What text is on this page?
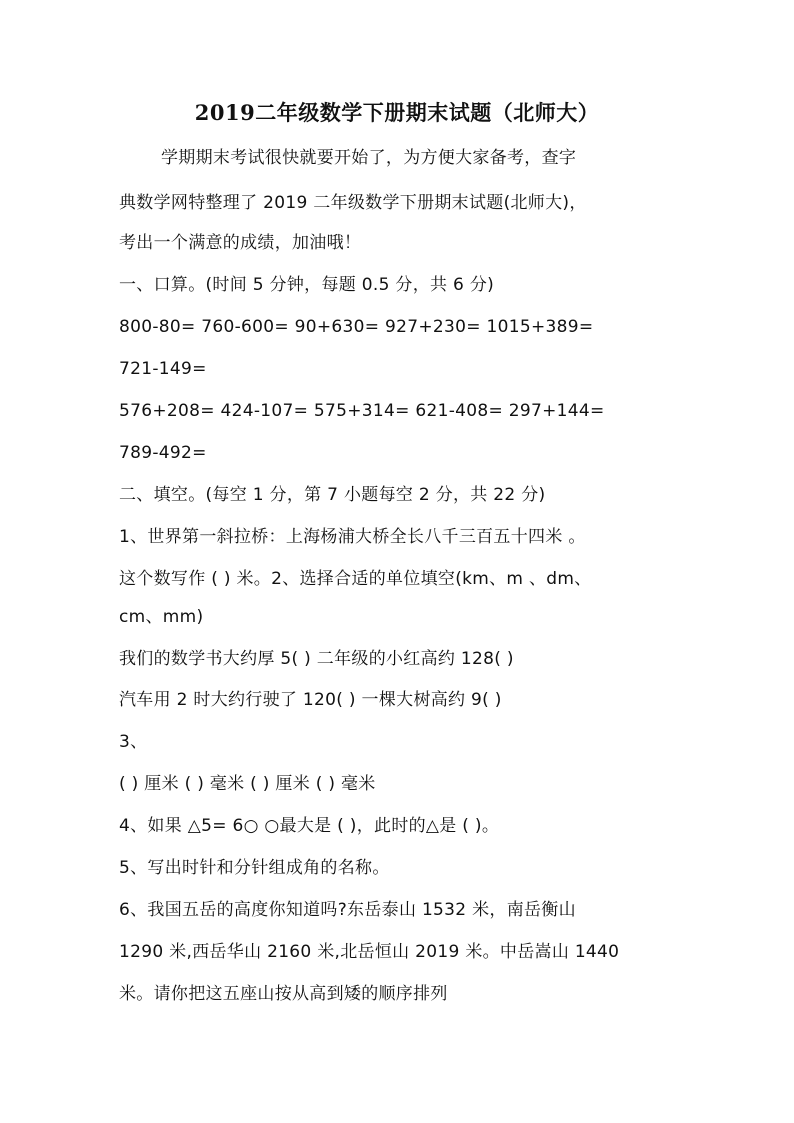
2019二年级数学下册期末试题（北师大）
学期期末考试很快就要开始了，为方便大家备考，查字
典数学网特整理了 2019 二年级数学下册期末试题(北师大)，
考出一个满意的成绩，加油哦！
一、口算。(时间 5 分钟，每题 0.5 分，共 6 分)
800-80= 760-600= 90+630= 927+230= 1015+389=
721-149=
576+208= 424-107= 575+314= 621-408= 297+144=
789-492=
二、填空。(每空 1 分，第 7 小题每空 2 分，共 22 分)
1、世界第一斜拉桥：上海杨浦大桥全长八千三百五十四米 。
这个数写作 ( ) 米。2、选择合适的单位填空(km、m 、dm、
cm、mm)
我们的数学书大约厚 5( ) 二年级的小红高约 128( )
汽车用 2 时大约行驶了 120( ) 一棵大树高约 9( )
3、
( ) 厘米 ( ) 毫米 ( ) 厘米 ( ) 毫米
4、如果 △5= 6○ ○最大是 ( )，此时的△是 ( )。
5、写出时针和分针组成角的名称。
6、我国五岳的高度你知道吗?东岳泰山 1532 米，南岳衡山
1290 米,西岳华山 2160 米,北岳恒山 2019 米。中岳嵩山 1440
米。请你把这五座山按从高到矮的顺序排列
